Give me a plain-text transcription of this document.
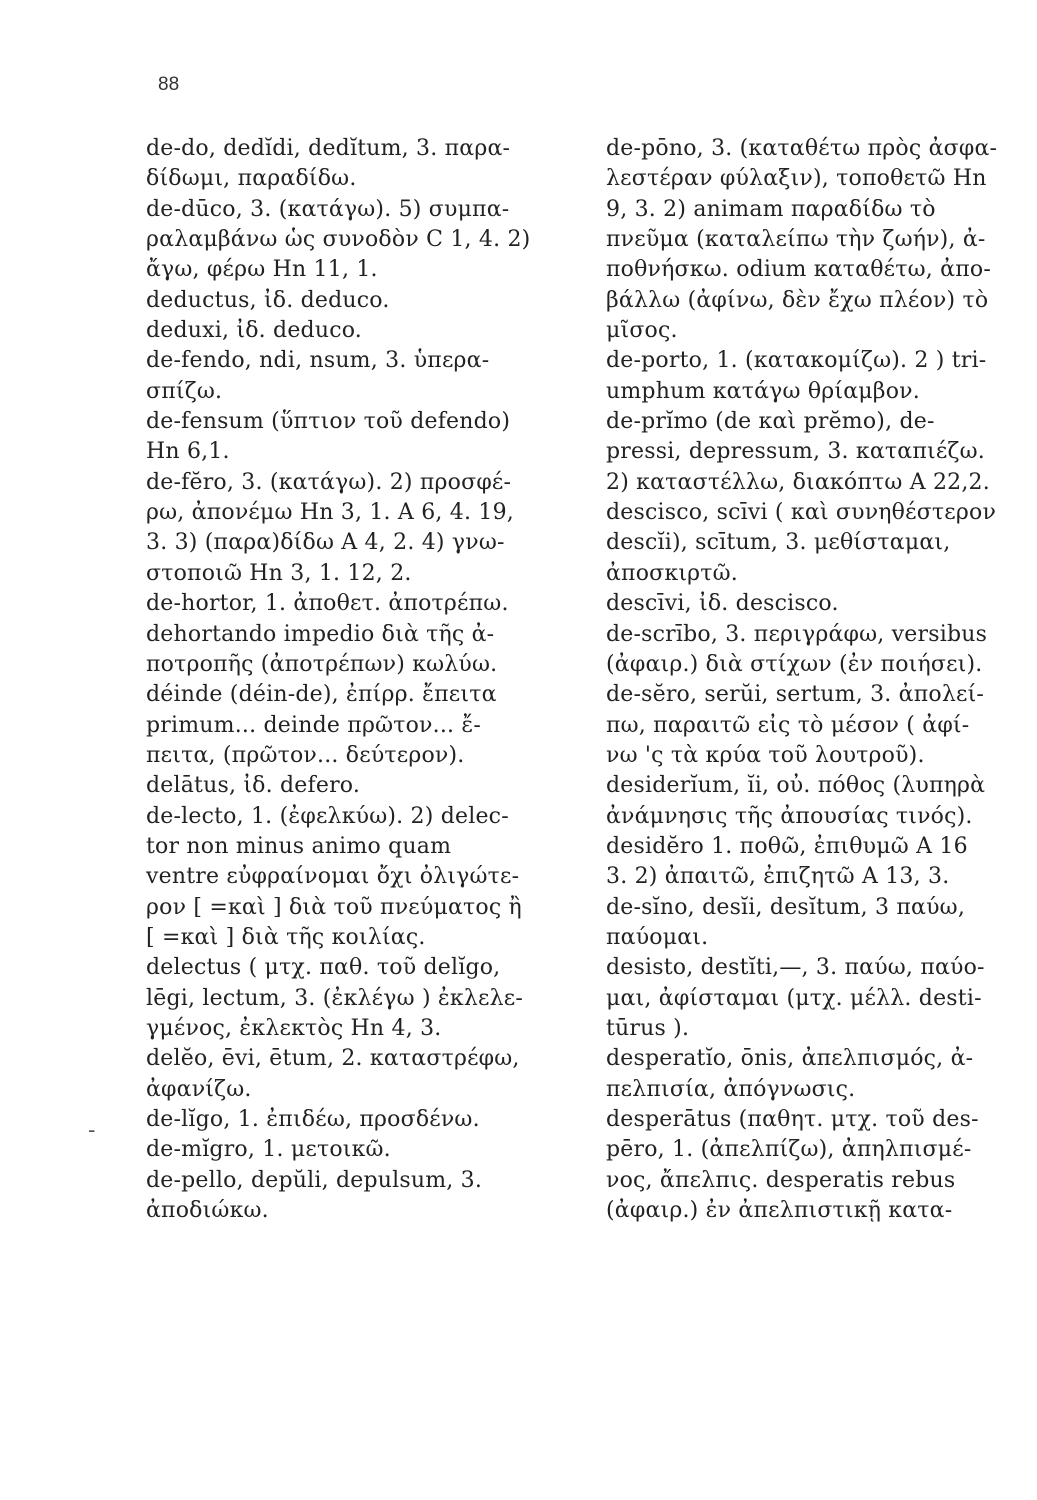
88
-
de-do, dedĭdi, dedĭtum, 3. παρα-
δίδωμι, παραδίδω.
de-dūco, 3. (κατάγω). 5) συμπα-
ραλαμβάνω ὡς συνοδὸν C 1, 4. 2)
ἄγω, φέρω Hn 11, 1.
deductus, ἰδ. deduco.
deduxi, ἰδ. deduco.
de-fendo, ndi, nsum, 3. ὑπερα-
σπίζω.
de-fensum (ὕπτιον τοῦ defendo)
Hn 6,1.
de-fĕro, 3. (κατάγω). 2) προσφέ-
ρω, ἀπονέμω Hn 3, 1. A 6, 4. 19,
3. 3) (παρα)δίδω A 4, 2. 4) γνω-
στοποιῶ Hn 3, 1. 12, 2.
de-hortor, 1. ἀποθετ. ἀποτρέπω.
dehortando impedio διὰ τῆς ἀ-
ποτροπῆς (ἀποτρέπων) κωλύω.
déinde (déin-de), ἐπίρρ. ἔπειτα
primum... deinde πρῶτον... ἔ-
πειτα, (πρῶτον... δεύτερον).
delātus, ἰδ. defero.
de-lecto, 1. (ἐφελκύω). 2) delec-
tor non minus animo quam
ventre εὐφραίνομαι ὄχι ὀλιγώτε-
ρον [ =καὶ ] διὰ τοῦ πνεύματος ἢ
[ =καὶ ] διὰ τῆς κοιλίας.
delectus ( μτχ. παθ. τοῦ delĭgo,
lēgi, lectum, 3. (ἐκλέγω ) ἐκλελε-
γμένος, ἐκλεκτὸς Hn 4, 3.
delĕo, ēvi, ētum, 2. καταστρέφω,
ἀφανίζω.
de-lĭgo, 1. ἐπιδέω, προσδένω.
de-mĭgro, 1. μετοικῶ.
de-pello, depŭli, depulsum, 3.
ἀποδιώκω.
de-pōno, 3. (καταθέτω πρὸς ἀσφα-
λεστέραν φύλαξιν), τοποθετῶ Hn
9, 3. 2) animam παραδίδω τὸ
πνεῦμα (καταλείπω τὴν ζωήν), ἀ-
ποθνήσκω. odium καταθέτω, ἀπο-
βάλλω (ἀφίνω, δὲν ἔχω πλέον) τὸ
μῖσος.
de-porto, 1. (κατακομίζω). 2 ) tri-
umphum κατάγω θρίαμβον.
de-prĭmo (de καὶ prĕmo), de-
pressi, depressum, 3. καταπιέζω.
2) καταστέλλω, διακόπτω A 22,2.
descisco, scīvi ( καὶ συνηθέστερον
descĭi), scītum, 3. μεθίσταμαι,
ἀποσκιρτῶ.
descīvi, ἰδ. descisco.
de-scrībo, 3. περιγράφω, versibus
(ἀφαιρ.) διὰ στίχων (ἐν ποιήσει).
de-sĕro, serŭi, sertum, 3. ἀπολεί-
πω, παραιτῶ εἰς τὸ μέσον ( ἀφί-
νω 'ς τὰ κρύα τοῦ λουτροῦ).
desiderĭum, ĭi, οὐ. πόθος (λυπηρὰ
ἀνάμνησις τῆς ἀπουσίας τινός).
desidĕro 1. ποθῶ, ἐπιθυμῶ A 16
3. 2) ἀπαιτῶ, ἐπιζητῶ A 13, 3.
de-sĭno, desĭi, desĭtum, 3 παύω,
παύομαι.
desisto, destĭti,—, 3. παύω, παύο-
μαι, ἀφίσταμαι (μτχ. μέλλ. desti-
tūrus ).
desperatĭo, ōnis, ἀπελπισμός, ἀ-
πελπισία, ἀπόγνωσις.
desperātus (παθητ. μτχ. τοῦ des-
pēro, 1. (ἀπελπίζω), ἀπηλπισμέ-
νος, ἄπελπις. desperatis rebus
(ἀφαιρ.) ἐν ἀπελπιστικῇ κατα-
